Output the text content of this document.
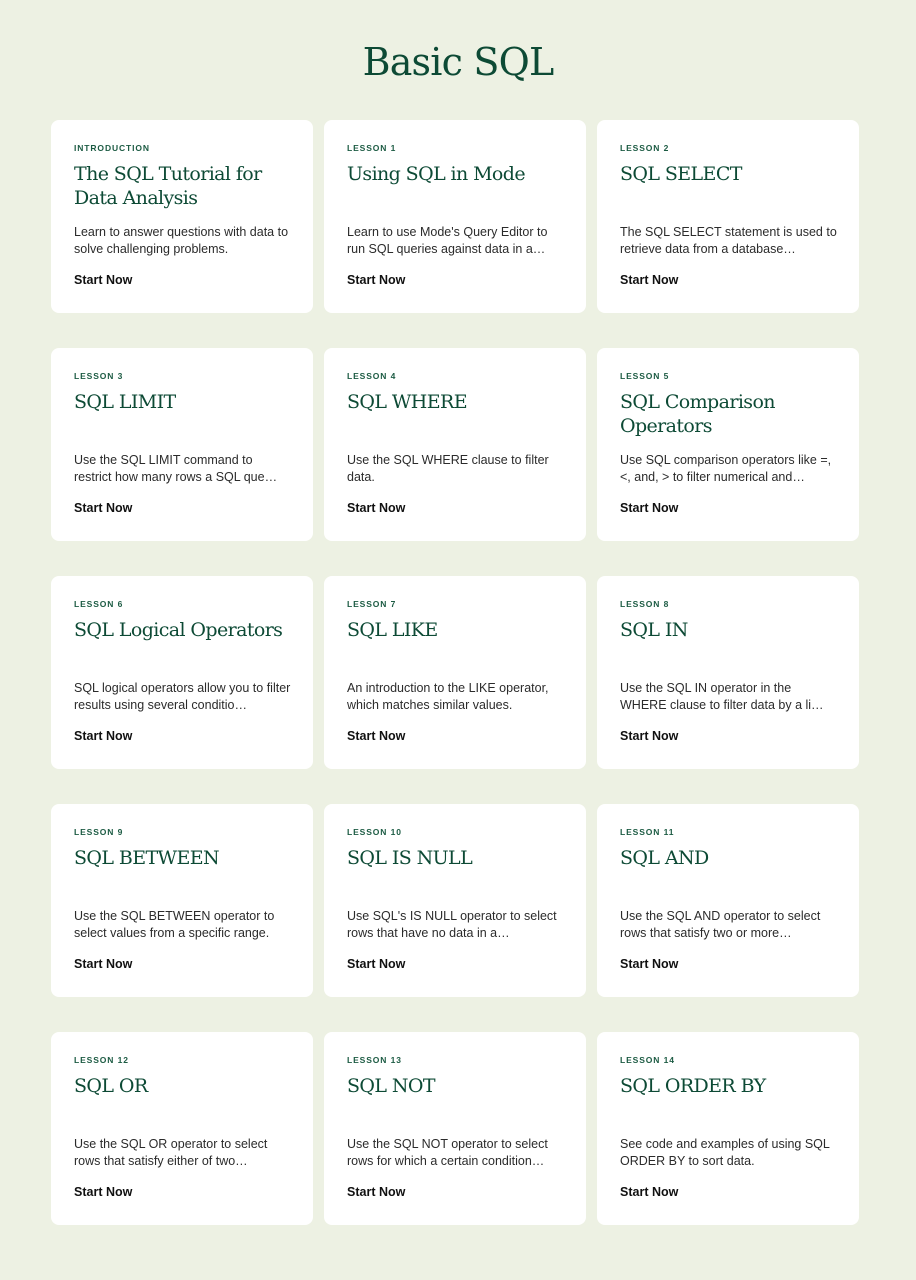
Basic SQL
INTRODUCTION
The SQL Tutorial for Data Analysis
Learn to answer questions with data to solve challenging problems.
Start Now
LESSON 1
Using SQL in Mode
Learn to use Mode's Query Editor to run SQL queries against data in a…
Start Now
LESSON 2
SQL SELECT
The SQL SELECT statement is used to retrieve data from a database…
Start Now
LESSON 3
SQL LIMIT
Use the SQL LIMIT command to restrict how many rows a SQL que…
Start Now
LESSON 4
SQL WHERE
Use the SQL WHERE clause to filter data.
Start Now
LESSON 5
SQL Comparison Operators
Use SQL comparison operators like =, <, and, > to filter numerical and…
Start Now
LESSON 6
SQL Logical Operators
SQL logical operators allow you to filter results using several conditio…
Start Now
LESSON 7
SQL LIKE
An introduction to the LIKE operator, which matches similar values.
Start Now
LESSON 8
SQL IN
Use the SQL IN operator in the WHERE clause to filter data by a li…
Start Now
LESSON 9
SQL BETWEEN
Use the SQL BETWEEN operator to select values from a specific range.
Start Now
LESSON 10
SQL IS NULL
Use SQL's IS NULL operator to select rows that have no data in a…
Start Now
LESSON 11
SQL AND
Use the SQL AND operator to select rows that satisfy two or more…
Start Now
LESSON 12
SQL OR
Use the SQL OR operator to select rows that satisfy either of two…
Start Now
LESSON 13
SQL NOT
Use the SQL NOT operator to select rows for which a certain condition…
Start Now
LESSON 14
SQL ORDER BY
See code and examples of using SQL ORDER BY to sort data.
Start Now
